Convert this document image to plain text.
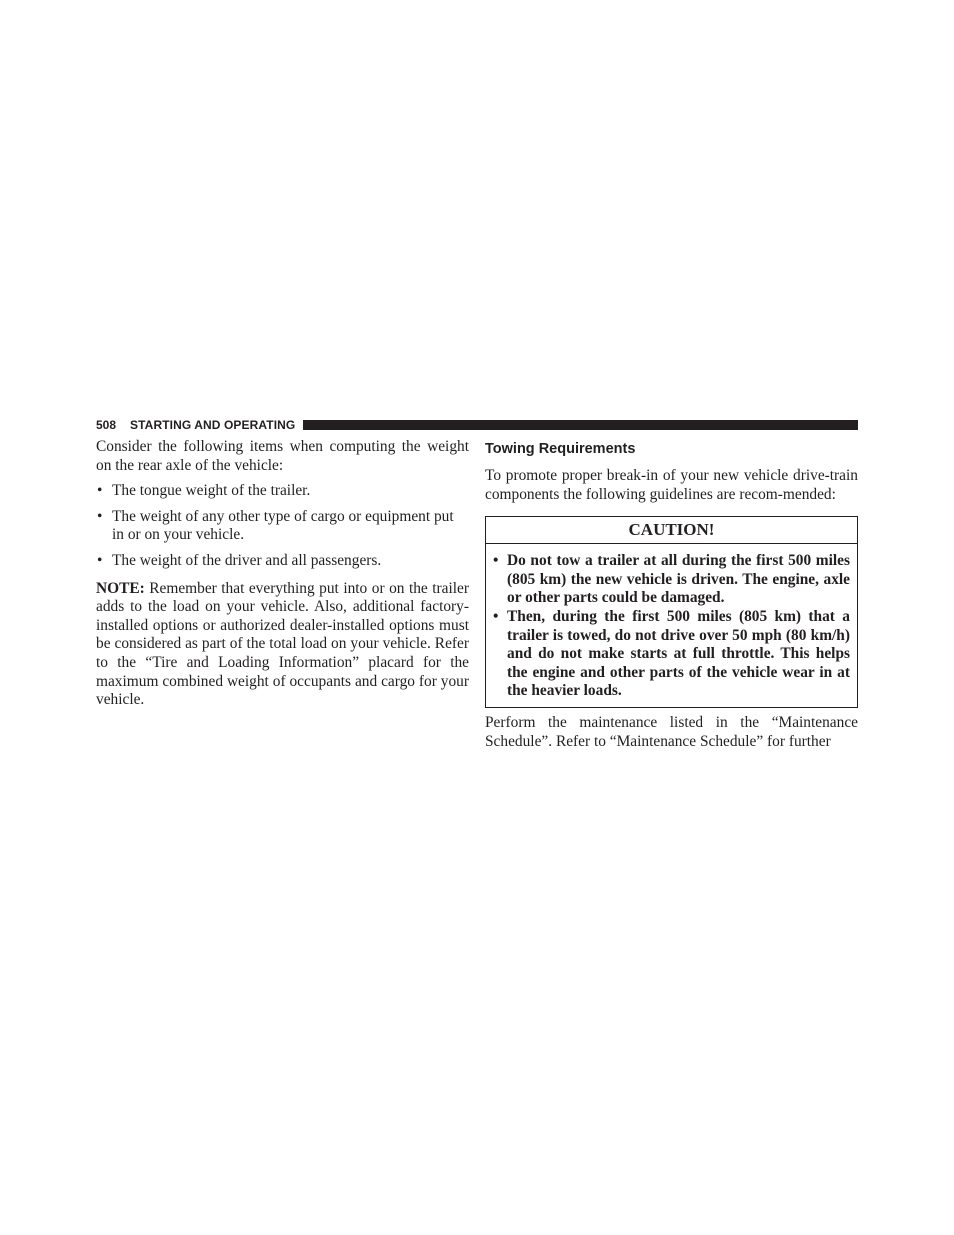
508 STARTING AND OPERATING

Consider the following items when computing the weight on the rear axle of the vehicle:

• The tongue weight of the trailer.
• The weight of any other type of cargo or equipment put in or on your vehicle.
• The weight of the driver and all passengers.

NOTE: Remember that everything put into or on the trailer adds to the load on your vehicle. Also, additional factory-installed options or authorized dealer-installed options must be considered as part of the total load on your vehicle. Refer to the “Tire and Loading Information” placard for the maximum combined weight of occupants and cargo for your vehicle.

Towing Requirements

To promote proper break-in of your new vehicle drive-train components the following guidelines are recom-mended:

CAUTION!
• Do not tow a trailer at all during the first 500 miles (805 km) the new vehicle is driven. The engine, axle or other parts could be damaged.
• Then, during the first 500 miles (805 km) that a trailer is towed, do not drive over 50 mph (80 km/h) and do not make starts at full throttle. This helps the engine and other parts of the vehicle wear in at the heavier loads.

Perform the maintenance listed in the “Maintenance Schedule”. Refer to “Maintenance Schedule” for further
